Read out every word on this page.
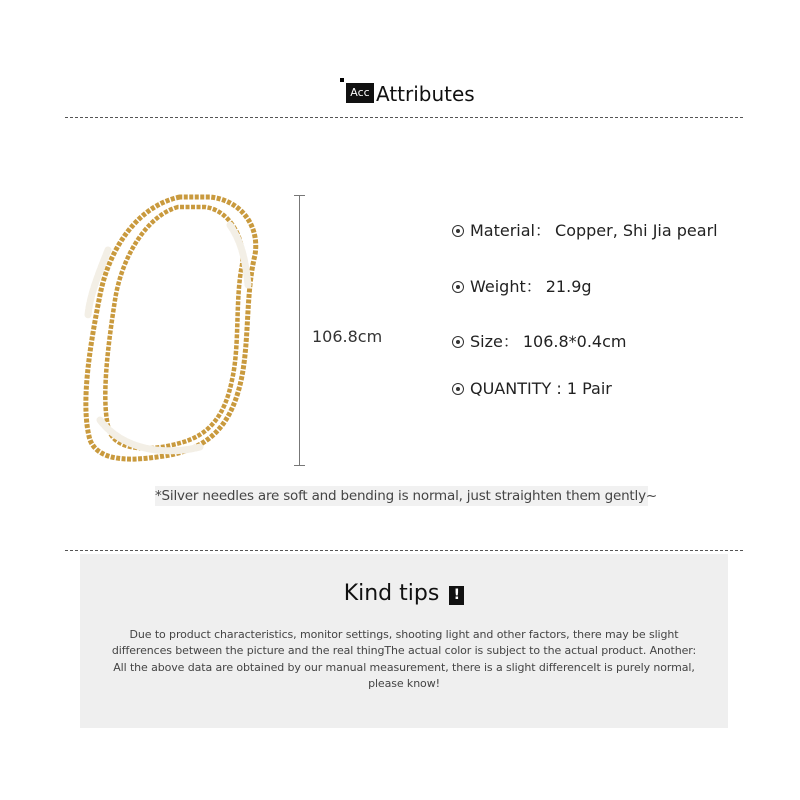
Acc Attributes
106.8cm
Material： Copper, Shi Jia pearl
Weight： 21.9g
Size： 106.8*0.4cm
QUANTITY : 1 Pair
*Silver needles are soft and bending is normal, just straighten them gently~
Kind tips !
Due to product characteristics, monitor settings, shooting light and other factors, there may be slight differences between the picture and the real thingThe actual color is subject to the actual product. Another: All the above data are obtained by our manual measurement, there is a slight differenceIt is purely normal, please know!
